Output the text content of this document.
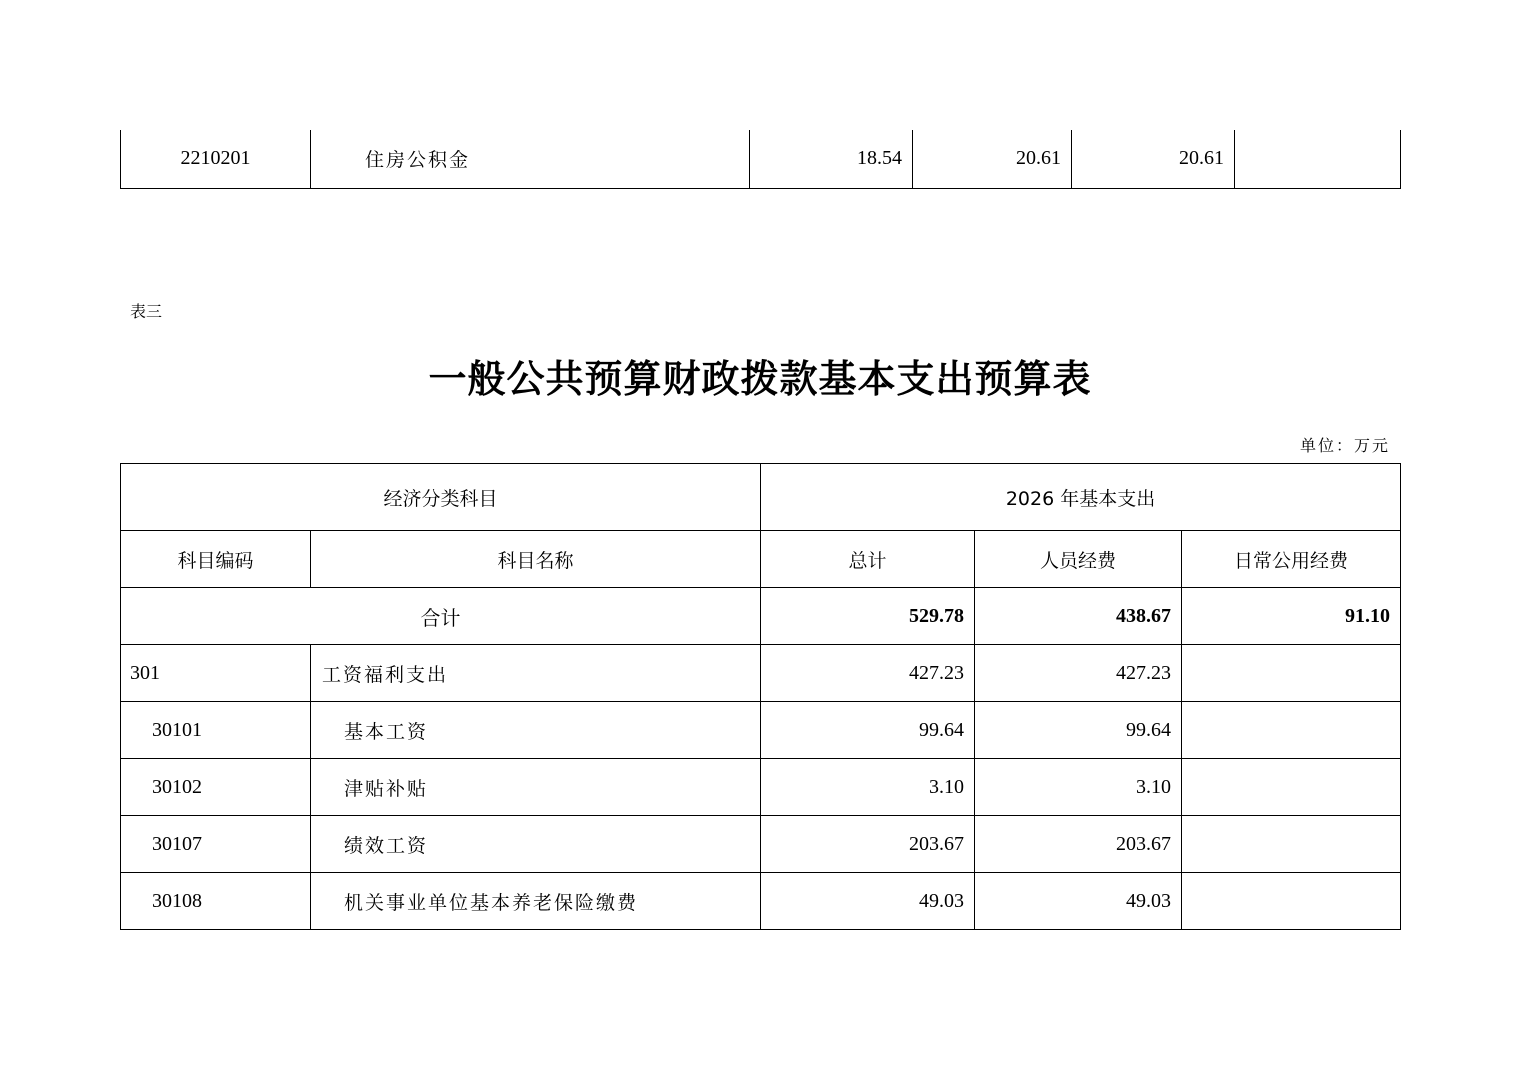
2210201	住房公积金	18.54	20.61	20.61	
表三
一般公共预算财政拨款基本支出预算表
单位：万元
经济分类科目		2026 年基本支出		
科目编码	科目名称	总计	人员经费	日常公用经费
合计		529.78	438.67	91.10
301	工资福利支出	427.23	427.23	
30101	基本工资	99.64	99.64	
30102	津贴补贴	3.10	3.10	
30107	绩效工资	203.67	203.67	
30108	机关事业单位基本养老保险缴费	49.03	49.03	
